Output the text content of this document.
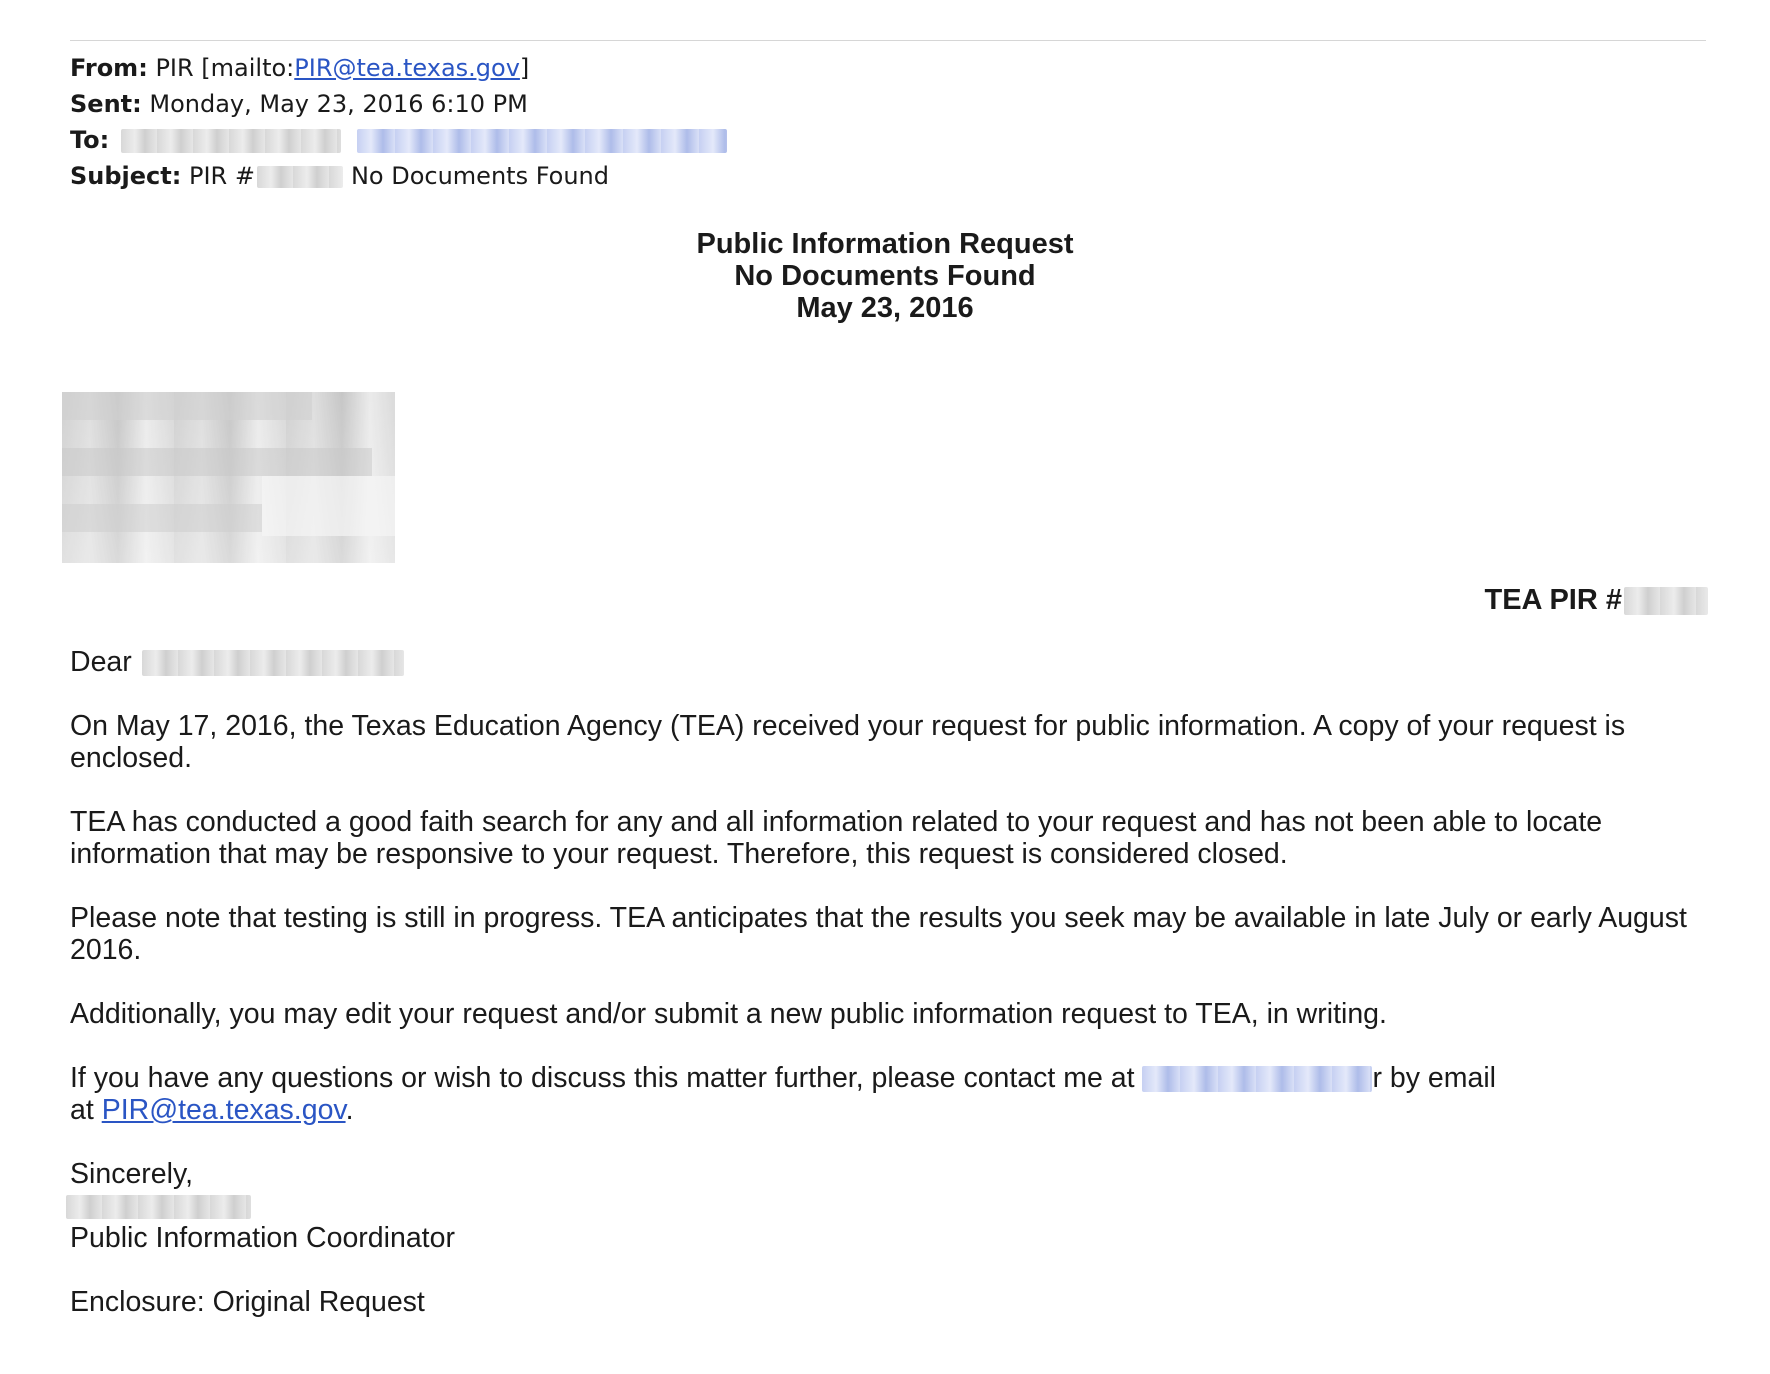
From: PIR [mailto:PIR@tea.texas.gov]
Sent: Monday, May 23, 2016 6:10 PM
To:
Subject: PIR #	No Documents Found
Public Information Request
No Documents Found
May 23, 2016
TEA PIR #

Dear

On May 17, 2016, the Texas Education Agency (TEA) received your request for public information. A copy of your request is enclosed.

TEA has conducted a good faith search for any and all information related to your request and has not been able to locate information that may be responsive to your request. Therefore, this request is considered closed.

Please note that testing is still in progress. TEA anticipates that the results you seek may be available in late July or early August 2016.

Additionally, you may edit your request and/or submit a new public information request to TEA, in writing.

If you have any questions or wish to discuss this matter further, please contact me at	r by email
at PIR@tea.texas.gov.

Sincerely,

Public Information Coordinator

Enclosure: Original Request
